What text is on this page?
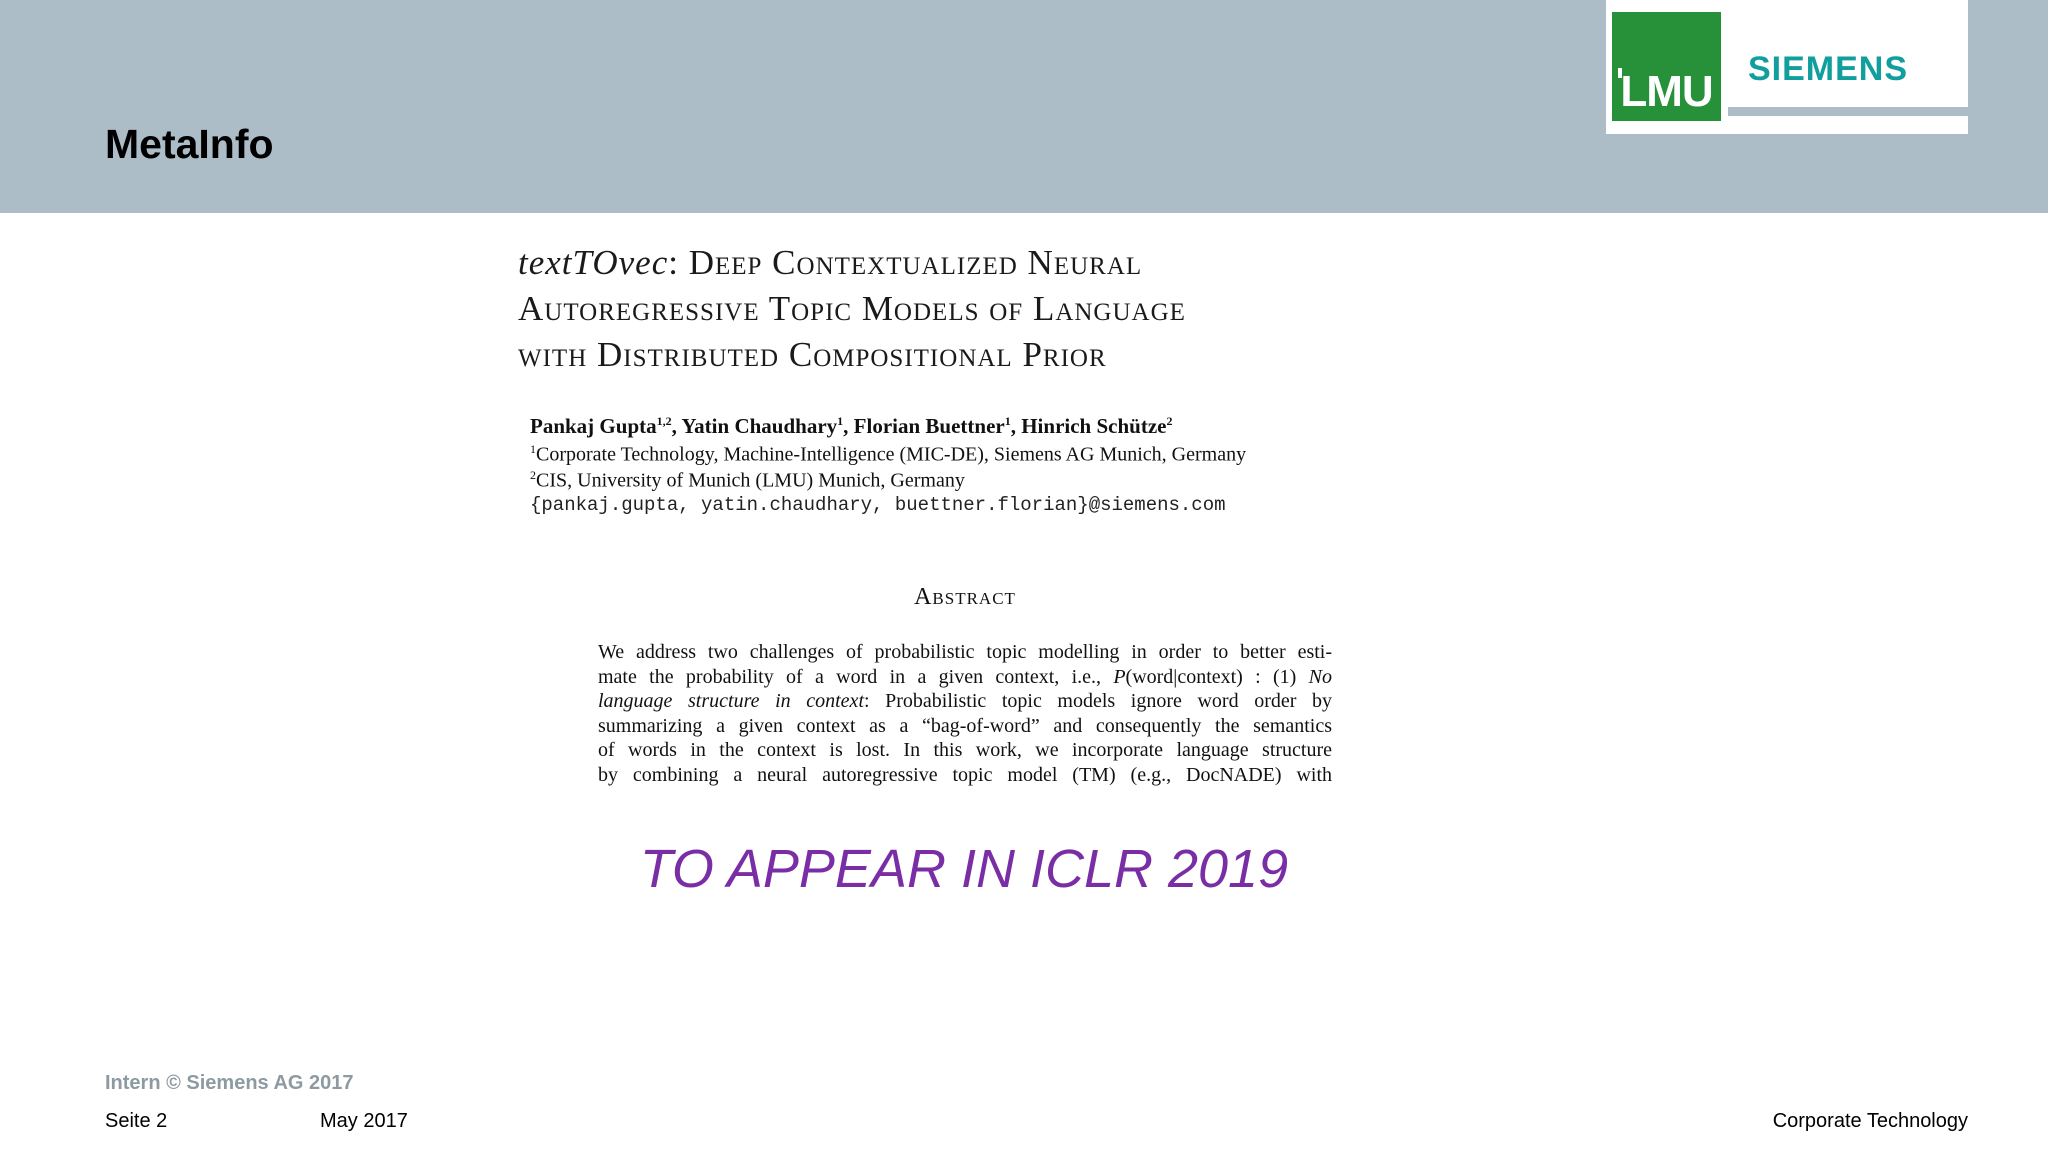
MetaInfo
LMU SIEMENS
textTOvec: Deep Contextualized Neural
Autoregressive Topic Models of Language
with Distributed Compositional Prior
Pankaj Gupta$^{1,2}$, Yatin Chaudhary$^1$, Florian Buettner$^1$, Hinrich Schütze$^2$
$^1$Corporate Technology, Machine-Intelligence (MIC-DE), Siemens AG Munich, Germany
$^2$CIS, University of Munich (LMU) Munich, Germany
{pankaj.gupta, yatin.chaudhary, buettner.florian}@siemens.com
Abstract
We address two challenges of probabilistic topic modelling in order to better esti-
mate the probability of a word in a given context, i.e., P(word|context) : (1) No
language structure in context: Probabilistic topic models ignore word order by
summarizing a given context as a “bag-of-word” and consequently the semantics
of words in the context is lost. In this work, we incorporate language structure
by combining a neural autoregressive topic model (TM) (e.g., DocNADE) with
TO APPEAR IN ICLR 2019
Intern © Siemens AG 2017
Seite 2	May 2017	Corporate Technology
